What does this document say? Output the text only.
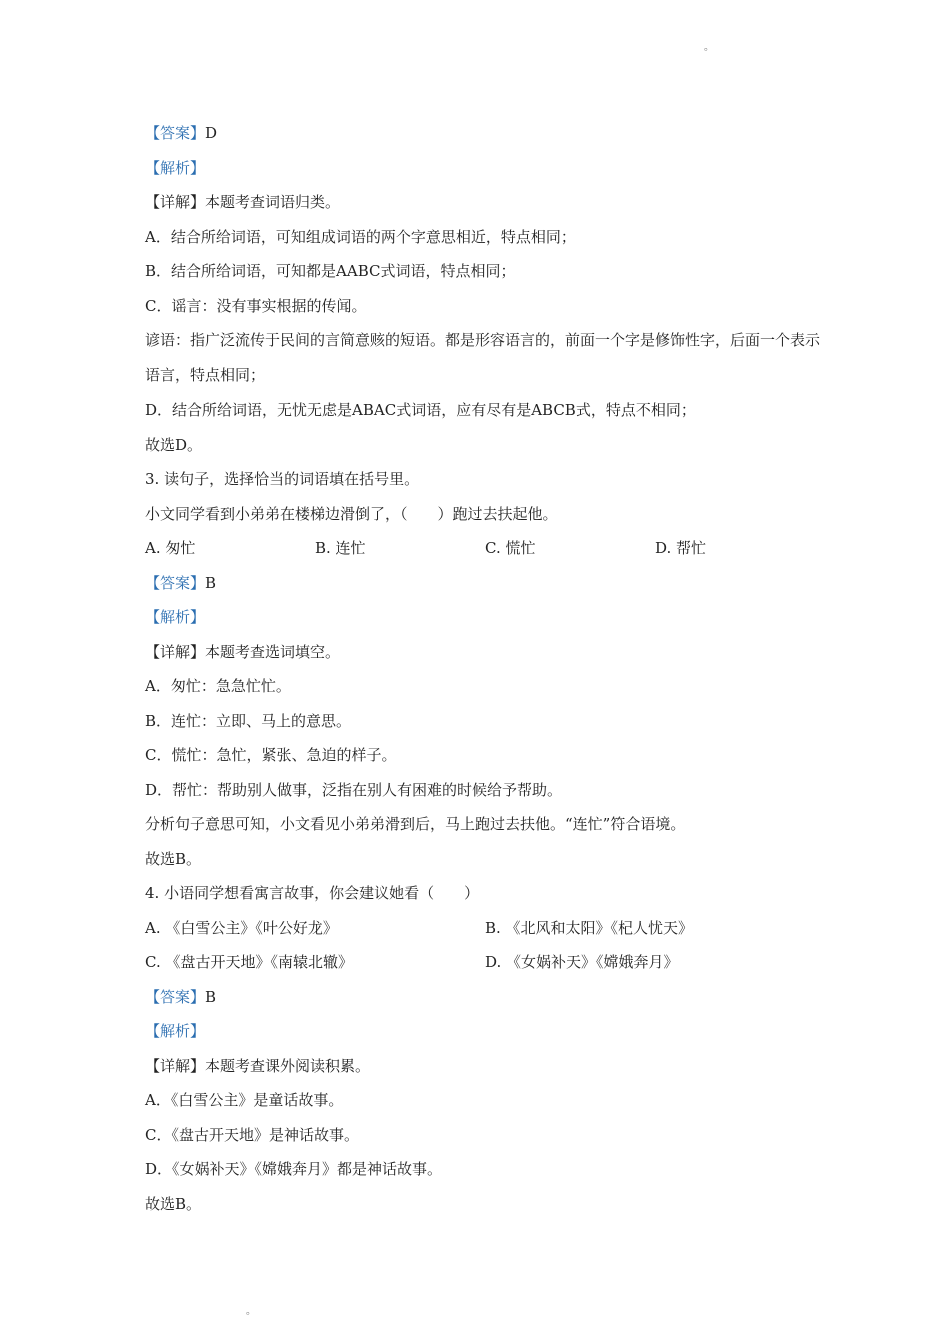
。
【答案】D
【解析】
【详解】本题考查词语归类。
A．结合所给词语，可知组成词语的两个字意思相近，特点相同；
B．结合所给词语，可知都是AABC式词语，特点相同；
C．谣言：没有事实根据的传闻。
谚语：指广泛流传于民间的言简意赅的短语。都是形容语言的，前面一个字是修饰性字，后面一个表示语言，特点相同；
D．结合所给词语，无忧无虑是ABAC式词语，应有尽有是ABCB式，特点不相同；
故选D。
3. 读句子，选择恰当的词语填在括号里。
小文同学看到小弟弟在楼梯边滑倒了，（　　）跑过去扶起他。
A. 匆忙	B. 连忙	C. 慌忙	D. 帮忙
【答案】B
【解析】
【详解】本题考查选词填空。
A．匆忙：急急忙忙。
B．连忙：立即、马上的意思。
C．慌忙：急忙，紧张、急迫的样子。
D．帮忙：帮助别人做事，泛指在别人有困难的时候给予帮助。
分析句子意思可知，小文看见小弟弟滑到后，马上跑过去扶他。“连忙”符合语境。
故选B。
4. 小语同学想看寓言故事，你会建议她看（　　）
A. 《白雪公主》《叶公好龙》	B. 《北风和太阳》《杞人忧天》
C. 《盘古开天地》《南辕北辙》	D. 《女娲补天》《嫦娥奔月》
【答案】B
【解析】
【详解】本题考查课外阅读积累。
A．《白雪公主》是童话故事。
C．《盘古开天地》是神话故事。
D．《女娲补天》《嫦娥奔月》都是神话故事。
故选B。
。
